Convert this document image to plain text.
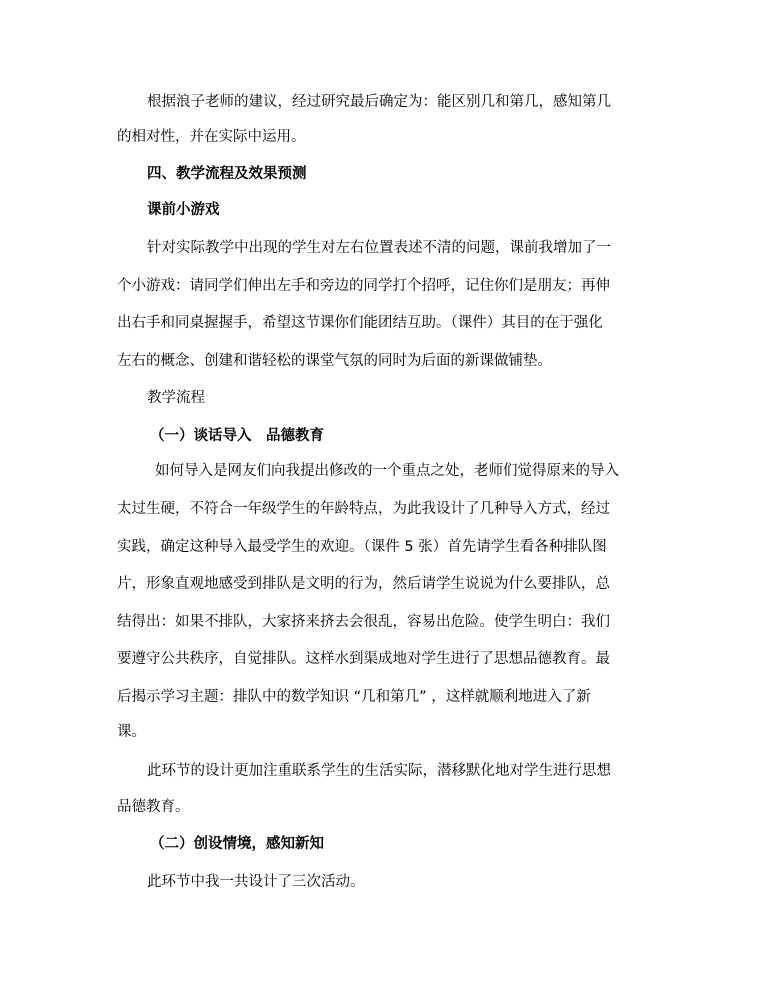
根据浪子老师的建议，经过研究最后确定为：能区别几和第几，感知第几
的相对性，并在实际中运用。
四、教学流程及效果预测
课前小游戏
针对实际教学中出现的学生对左右位置表述不清的问题，课前我增加了一
个小游戏：请同学们伸出左手和旁边的同学打个招呼，记住你们是朋友；再伸
出右手和同桌握握手，希望这节课你们能团结互助。（课件）其目的在于强化
左右的概念、创建和谐轻松的课堂气氛的同时为后面的新课做铺垫。
教学流程
（一）谈话导入　品德教育
如何导入是网友们向我提出修改的一个重点之处，老师们觉得原来的导入
太过生硬，不符合一年级学生的年龄特点，为此我设计了几种导入方式，经过
实践，确定这种导入最受学生的欢迎。（课件 5 张）首先请学生看各种排队图
片，形象直观地感受到排队是文明的行为，然后请学生说说为什么要排队，总
结得出：如果不排队，大家挤来挤去会很乱，容易出危险。使学生明白：我们
要遵守公共秩序，自觉排队。这样水到渠成地对学生进行了思想品德教育。最
后揭示学习主题：排队中的数学知识 “几和第几” ，这样就顺利地进入了新
课。
此环节的设计更加注重联系学生的生活实际，潜移默化地对学生进行思想
品德教育。
（二）创设情境，感知新知
此环节中我一共设计了三次活动。
